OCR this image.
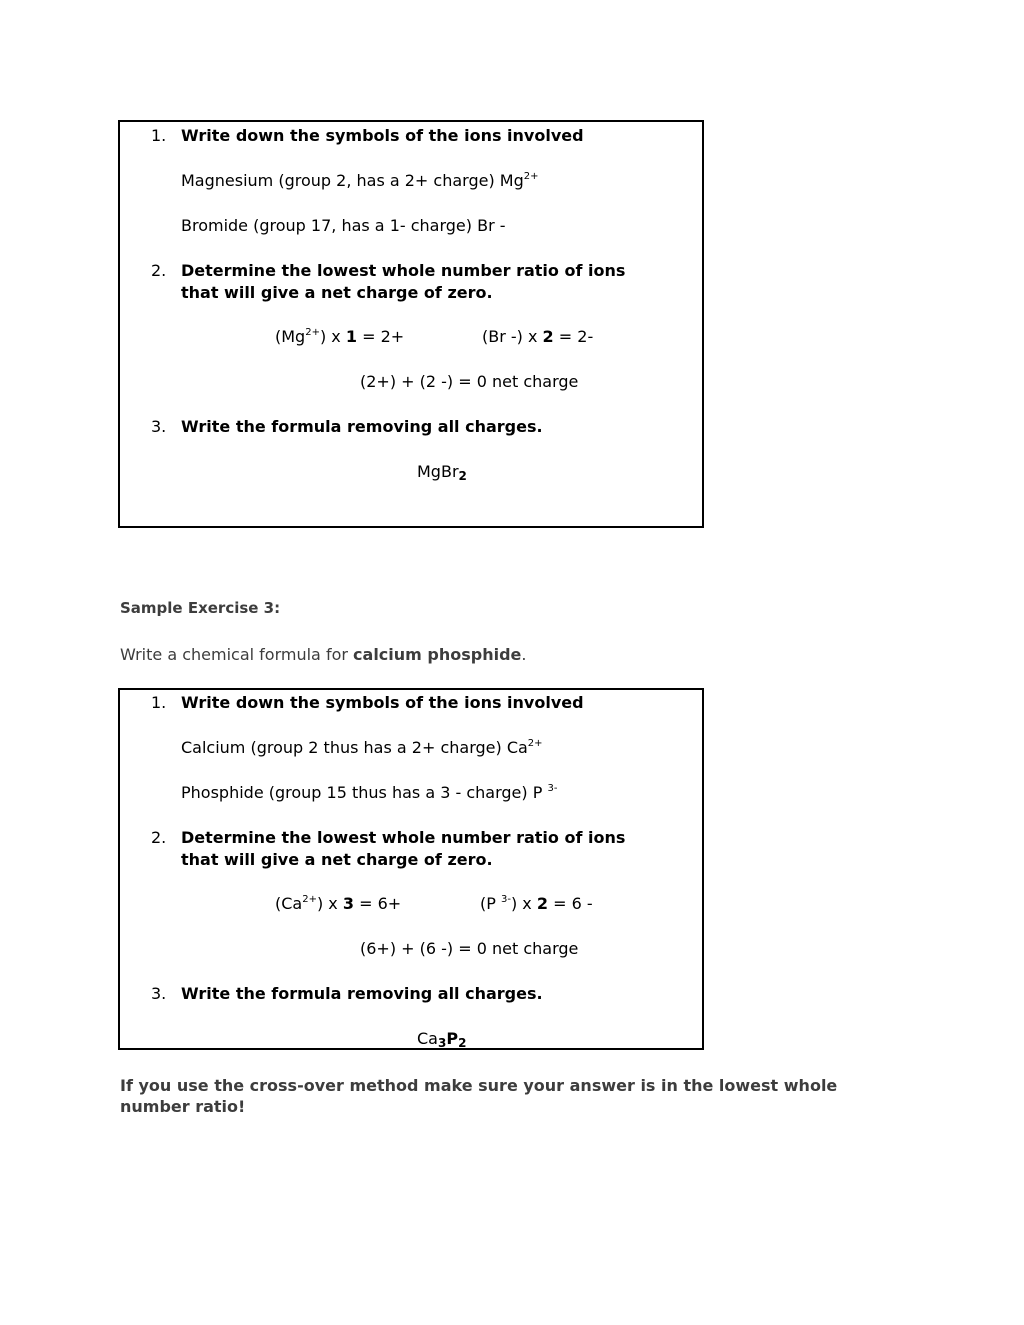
1. Write down the symbols of the ions involved
Magnesium (group 2, has a 2+ charge) $Mg^{2+}$
Bromide (group 17, has a 1- charge) Br -
2. Determine the lowest whole number ratio of ions
that will give a net charge of zero.
$(Mg^{2+})$ x 1 = 2+	(Br -) x 2 = 2-
(2+) + (2 -) = 0 net charge
3. Write the formula removing all charges.
MgBr$_2$
Sample Exercise 3:
Write a chemical formula for calcium phosphide.
1. Write down the symbols of the ions involved
Calcium (group 2 thus has a 2+ charge) $Ca^{2+}$
Phosphide (group 15 thus has a 3 - charge) P $^{3-}$
2. Determine the lowest whole number ratio of ions
that will give a net charge of zero.
$(Ca^{2+})$ x 3 = 6+	(P $^{3-}$) x 2 = 6 -
(6+) + (6 -) = 0 net charge
3. Write the formula removing all charges.
$Ca_3P_2$
If you use the cross-over method make sure your answer is in the lowest whole
number ratio!
